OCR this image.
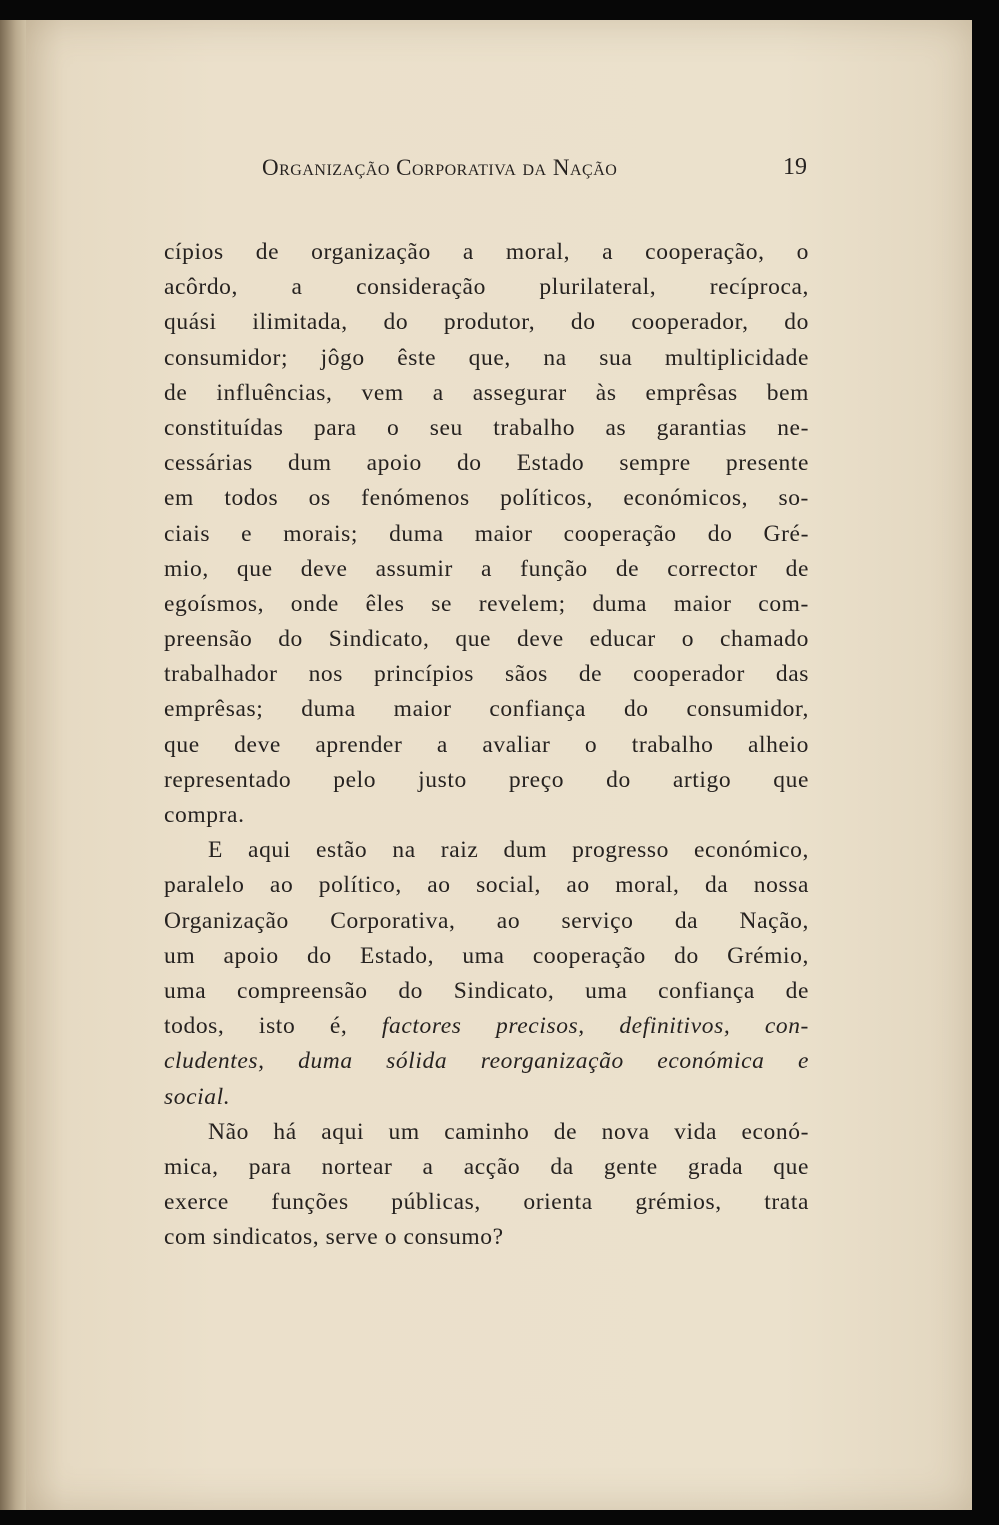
Organização Corporativa da Nação	19
cípios de organização a moral, a cooperação, o
acôrdo, a consideração plurilateral, recíproca,
quási ilimitada, do produtor, do cooperador, do
consumidor; jôgo êste que, na sua multiplicidade
de influências, vem a assegurar às emprêsas bem
constituídas para o seu trabalho as garantias ne-
cessárias dum apoio do Estado sempre presente
em todos os fenómenos políticos, económicos, so-
ciais e morais; duma maior cooperação do Gré-
mio, que deve assumir a função de corrector de
egoísmos, onde êles se revelem; duma maior com-
preensão do Sindicato, que deve educar o chamado
trabalhador nos princípios sãos de cooperador das
emprêsas; duma maior confiança do consumidor,
que deve aprender a avaliar o trabalho alheio
representado pelo justo preço do artigo que
compra.
E aqui estão na raiz dum progresso económico,
paralelo ao político, ao social, ao moral, da nossa
Organização Corporativa, ao serviço da Nação,
um apoio do Estado, uma cooperação do Grémio,
uma compreensão do Sindicato, uma confiança de
todos, isto é, factores precisos, definitivos, con-
cludentes, duma sólida reorganização económica e
social.
Não há aqui um caminho de nova vida econó-
mica, para nortear a acção da gente grada que
exerce funções públicas, orienta grémios, trata
com sindicatos, serve o consumo?
